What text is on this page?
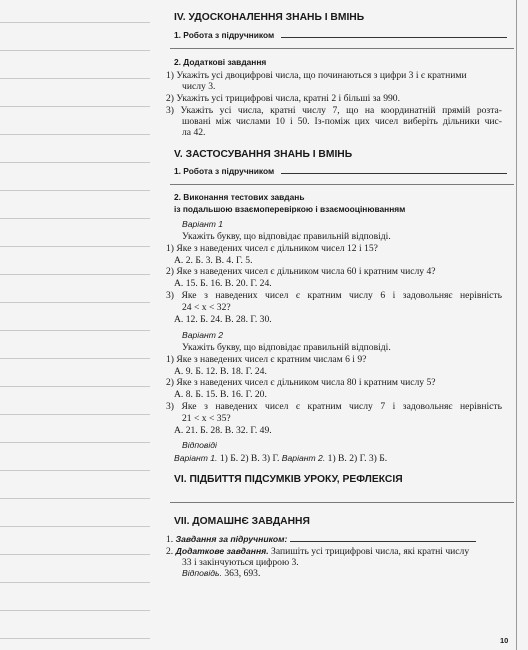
IV. УДОСКОНАЛЕННЯ ЗНАНЬ І ВМІНЬ
1. Робота з підручником
2. Додаткові завдання
1) Укажіть усі двоцифрові числа, що починаються з цифри 3 і є кратними
числу 3.
2) Укажіть усі трицифрові числа, кратні 2 і більші за 990.
3) Укажіть усі числа, кратні числу 7, що на координатній прямій розта-
шовані між числами 10 і 50. Із-поміж цих чисел виберіть дільники чис-
ла 42.
V. ЗАСТОСУВАННЯ ЗНАНЬ І ВМІНЬ
1. Робота з підручником
2. Виконання тестових завдань
із подальшою взаємоперевіркою і взаємооцінюванням
Варіант 1
Укажіть букву, що відповідає правильній відповіді.
1) Яке з наведених чисел є дільником чисел 12 і 15?
А. 2. Б. 3. В. 4. Г. 5.
2) Яке з наведених чисел є дільником числа 60 і кратним числу 4?
А. 15. Б. 16. В. 20. Г. 24.
3) Яке з наведених чисел є кратним числу 6 і задовольняє нерівність
24 < x < 32?
А. 12. Б. 24. В. 28. Г. 30.
Варіант 2
Укажіть букву, що відповідає правильній відповіді.
1) Яке з наведених чисел є кратним числам 6 і 9?
А. 9. Б. 12. В. 18. Г. 24.
2) Яке з наведених чисел є дільником числа 80 і кратним числу 5?
А. 8. Б. 15. В. 16. Г. 20.
3) Яке з наведених чисел є кратним числу 7 і задовольняє нерівність
21 < x < 35?
А. 21. Б. 28. В. 32. Г. 49.
Відповіді
Варіант 1. 1) Б. 2) В. 3) Г. Варіант 2. 1) В. 2) Г. 3) Б.
VI. ПІДБИТТЯ ПІДСУМКІВ УРОКУ, РЕФЛЕКСІЯ
VII. ДОМАШНЄ ЗАВДАННЯ
1. Завдання за підручником:
2. Додаткове завдання. Запишіть усі трицифрові числа, які кратні числу
33 і закінчуються цифрою 3.
Відповідь. 363, 693.
10
